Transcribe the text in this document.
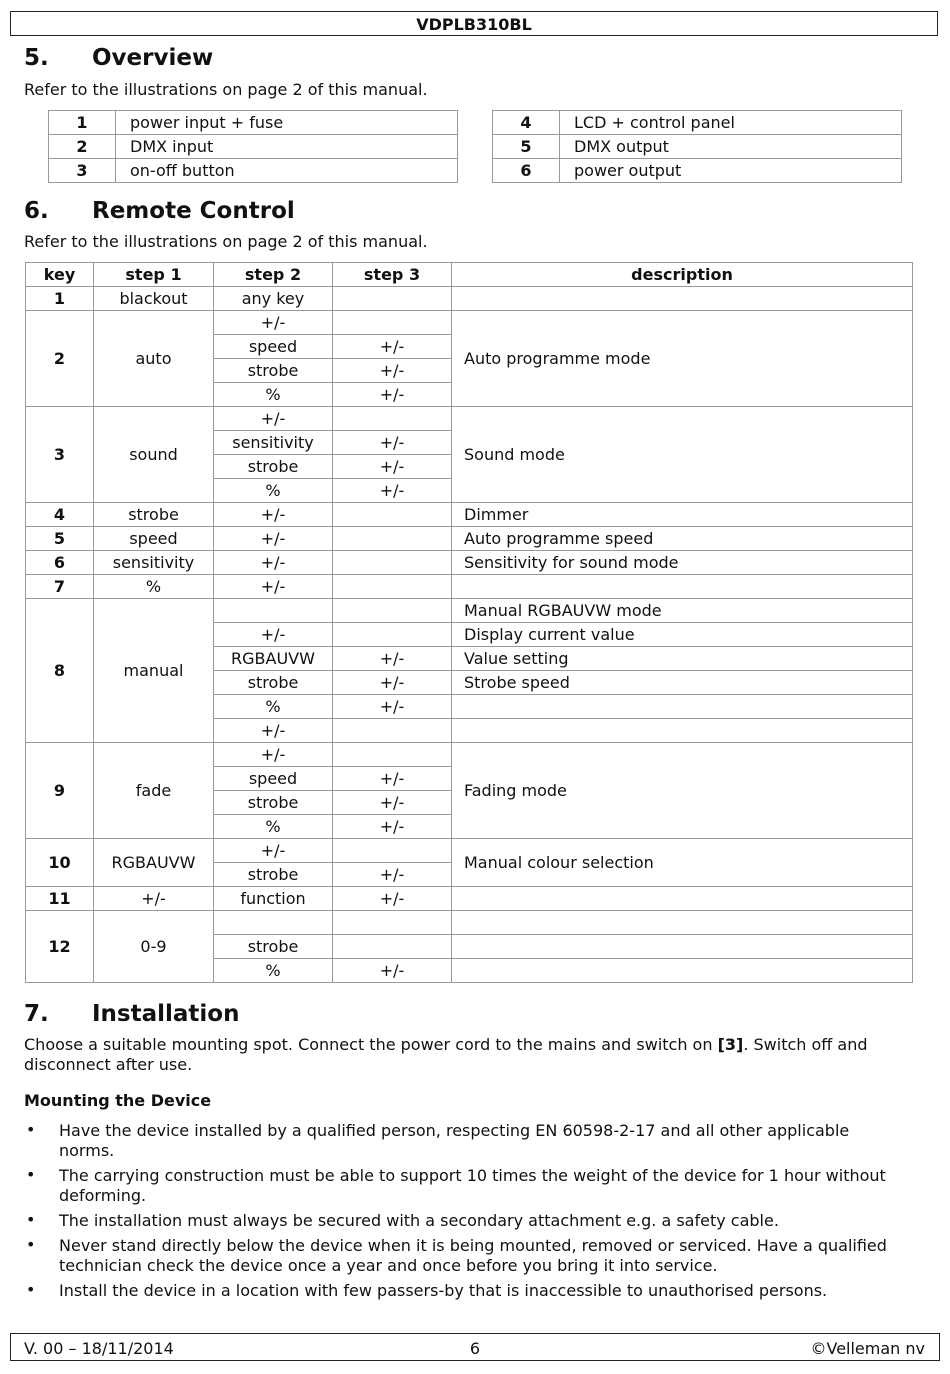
VDPLB310BL
5. Overview
Refer to the illustrations on page 2 of this manual.
1	power input + fuse
2	DMX input
3	on-off button
4	LCD + control panel
5	DMX output
6	power output
6. Remote Control
Refer to the illustrations on page 2 of this manual.
key	step 1	step 2	step 3	description
1	blackout	any key		
2	auto	+/-		Auto programme mode
		speed	+/-	
		strobe	+/-	
		%	+/-	
3	sound	+/-		Sound mode
		sensitivity	+/-	
		strobe	+/-	
		%	+/-	
4	strobe	+/-		Dimmer
5	speed	+/-		Auto programme speed
6	sensitivity	+/-		Sensitivity for sound mode
7	%	+/-		
8	manual			Manual RGBAUVW mode
		+/-		Display current value
		RGBAUVW	+/-	Value setting
		strobe	+/-	Strobe speed
		%	+/-	
		+/-		
9	fade	+/-		Fading mode
		speed	+/-	
		strobe	+/-	
		%	+/-	
10	RGBAUVW	+/-		Manual colour selection
		strobe	+/-	
11	+/-	function	+/-	
12	0-9			
		strobe		
		%	+/-	
7. Installation
Choose a suitable mounting spot. Connect the power cord to the mains and switch on [3]. Switch off and disconnect after use.
Mounting the Device
• Have the device installed by a qualified person, respecting EN 60598-2-17 and all other applicable norms.
• The carrying construction must be able to support 10 times the weight of the device for 1 hour without deforming.
• The installation must always be secured with a secondary attachment e.g. a safety cable.
• Never stand directly below the device when it is being mounted, removed or serviced. Have a qualified technician check the device once a year and once before you bring it into service.
• Install the device in a location with few passers-by that is inaccessible to unauthorised persons.
V. 00 – 18/11/2014	6	©Velleman nv
